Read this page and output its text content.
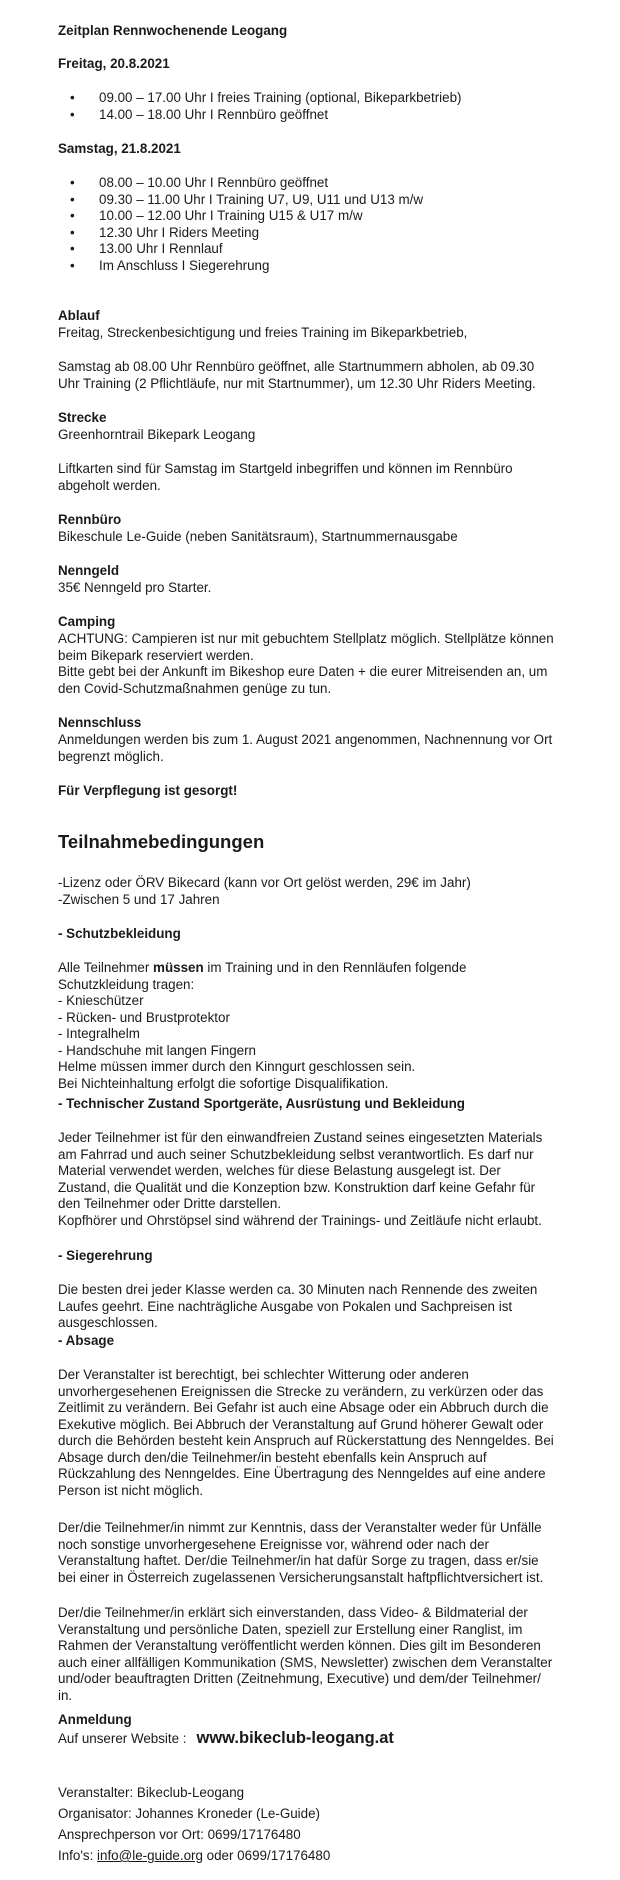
Zeitplan Rennwochenende Leogang
Freitag, 20.8.2021
• 09.00 – 17.00 Uhr I freies Training (optional, Bikeparkbetrieb)
• 14.00 – 18.00 Uhr I Rennbüro geöffnet
Samstag, 21.8.2021
• 08.00 – 10.00 Uhr I Rennbüro geöffnet
• 09.30 – 11.00 Uhr I Training U7, U9, U11 und U13 m/w
• 10.00 – 12.00 Uhr I Training U15 & U17 m/w
• 12.30 Uhr I Riders Meeting
• 13.00 Uhr I Rennlauf
• Im Anschluss I Siegerehrung
Ablauf
Freitag, Streckenbesichtigung und freies Training im Bikeparkbetrieb,
Samstag ab 08.00 Uhr Rennbüro geöffnet, alle Startnummern abholen, ab 09.30
Uhr Training (2 Pflichtläufe, nur mit Startnummer), um 12.30 Uhr Riders Meeting.
Strecke
Greenhorntrail Bikepark Leogang
Liftkarten sind für Samstag im Startgeld inbegriffen und können im Rennbüro
abgeholt werden.
Rennbüro
Bikeschule Le-Guide (neben Sanitätsraum), Startnummernausgabe
Nenngeld
35€ Nenngeld pro Starter.
Camping
ACHTUNG: Campieren ist nur mit gebuchtem Stellplatz möglich. Stellplätze können
beim Bikepark reserviert werden.
Bitte gebt bei der Ankunft im Bikeshop eure Daten + die eurer Mitreisenden an, um
den Covid-Schutzmaßnahmen genüge zu tun.
Nennschluss
Anmeldungen werden bis zum 1. August 2021 angenommen, Nachnennung vor Ort
begrenzt möglich.
Für Verpflegung ist gesorgt!
Teilnahmebedingungen
-Lizenz oder ÖRV Bikecard (kann vor Ort gelöst werden, 29€ im Jahr)
-Zwischen 5 und 17 Jahren
- Schutzbekleidung
Alle Teilnehmer müssen im Training und in den Rennläufen folgende
Schutzkleidung tragen:
- Knieschützer
- Rücken- und Brustprotektor
- Integralhelm
- Handschuhe mit langen Fingern
Helme müssen immer durch den Kinngurt geschlossen sein.
Bei Nichteinhaltung erfolgt die sofortige Disqualifikation.
- Technischer Zustand Sportgeräte, Ausrüstung und Bekleidung
Jeder Teilnehmer ist für den einwandfreien Zustand seines eingesetzten Materials
am Fahrrad und auch seiner Schutzbekleidung selbst verantwortlich. Es darf nur
Material verwendet werden, welches für diese Belastung ausgelegt ist. Der
Zustand, die Qualität und die Konzeption bzw. Konstruktion darf keine Gefahr für
den Teilnehmer oder Dritte darstellen.
Kopfhörer und Ohrstöpsel sind während der Trainings- und Zeitläufe nicht erlaubt.
- Siegerehrung
Die besten drei jeder Klasse werden ca. 30 Minuten nach Rennende des zweiten
Laufes geehrt. Eine nachträgliche Ausgabe von Pokalen und Sachpreisen ist
ausgeschlossen.
- Absage
Der Veranstalter ist berechtigt, bei schlechter Witterung oder anderen
unvorhergesehenen Ereignissen die Strecke zu verändern, zu verkürzen oder das
Zeitlimit zu verändern. Bei Gefahr ist auch eine Absage oder ein Abbruch durch die
Exekutive möglich. Bei Abbruch der Veranstaltung auf Grund höherer Gewalt oder
durch die Behörden besteht kein Anspruch auf Rückerstattung des Nenngeldes. Bei
Absage durch den/die Teilnehmer/in besteht ebenfalls kein Anspruch auf
Rückzahlung des Nenngeldes. Eine Übertragung des Nenngeldes auf eine andere
Person ist nicht möglich.
Der/die Teilnehmer/in nimmt zur Kenntnis, dass der Veranstalter weder für Unfälle
noch sonstige unvorhergesehene Ereignisse vor, während oder nach der
Veranstaltung haftet. Der/die Teilnehmer/in hat dafür Sorge zu tragen, dass er/sie
bei einer in Österreich zugelassenen Versicherungsanstalt haftpflichtversichert ist.
Der/die Teilnehmer/in erklärt sich einverstanden, dass Video- & Bildmaterial der
Veranstaltung und persönliche Daten, speziell zur Erstellung einer Ranglist, im
Rahmen der Veranstaltung veröffentlicht werden können. Dies gilt im Besonderen
auch einer allfälligen Kommunikation (SMS, Newsletter) zwischen dem Veranstalter
und/oder beauftragten Dritten (Zeitnehmung, Executive) und dem/der Teilnehmer/
in.
Anmeldung
Auf unserer Website : www.bikeclub-leogang.at
Veranstalter: Bikeclub-Leogang
Organisator: Johannes Kroneder (Le-Guide)
Ansprechperson vor Ort: 0699/17176480
Info's: info@le-guide.org oder 0699/17176480
